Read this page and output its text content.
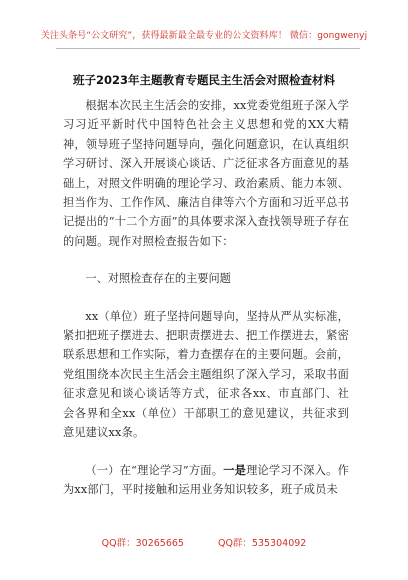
关注头条号“公文研究”，获得最新最全最专业的公文资料库！ 微信：gongwenyj
班子2023年主题教育专题民主生活会对照检查材料

根据本次民主生活会的安排，xx党委党组班子深入学习习近平新时代中国特色社会主义思想和党的XX大精神，领导班子坚持问题导向，强化问题意识，在认真组织学习研讨、深入开展谈心谈话、广泛征求各方面意见的基础上，对照文件明确的理论学习、政治素质、能力本领、担当作为、工作作风、廉洁自律等六个方面和习近平总书记提出的“十二个方面”的具体要求深入查找领导班子存在的问题。现作对照检查报告如下：

一、对照检查存在的主要问题

xx（单位）班子坚持问题导向，坚持从严从实标准，紧扣把班子摆进去、把职责摆进去、把工作摆进去，紧密联系思想和工作实际，着力查摆存在的主要问题。会前，党组围绕本次民主生活会主题组织了深入学习，采取书面征求意见和谈心谈话等方式，征求各xx、市直部门、社会各界和全xx（单位）干部职工的意见建议，共征求到意见建议xx条。

（一）在“理论学习”方面。一是理论学习不深入。作为xx部门，平时接触和运用业务知识较多，班子成员未

QQ群：30265665	QQ群：535304092
